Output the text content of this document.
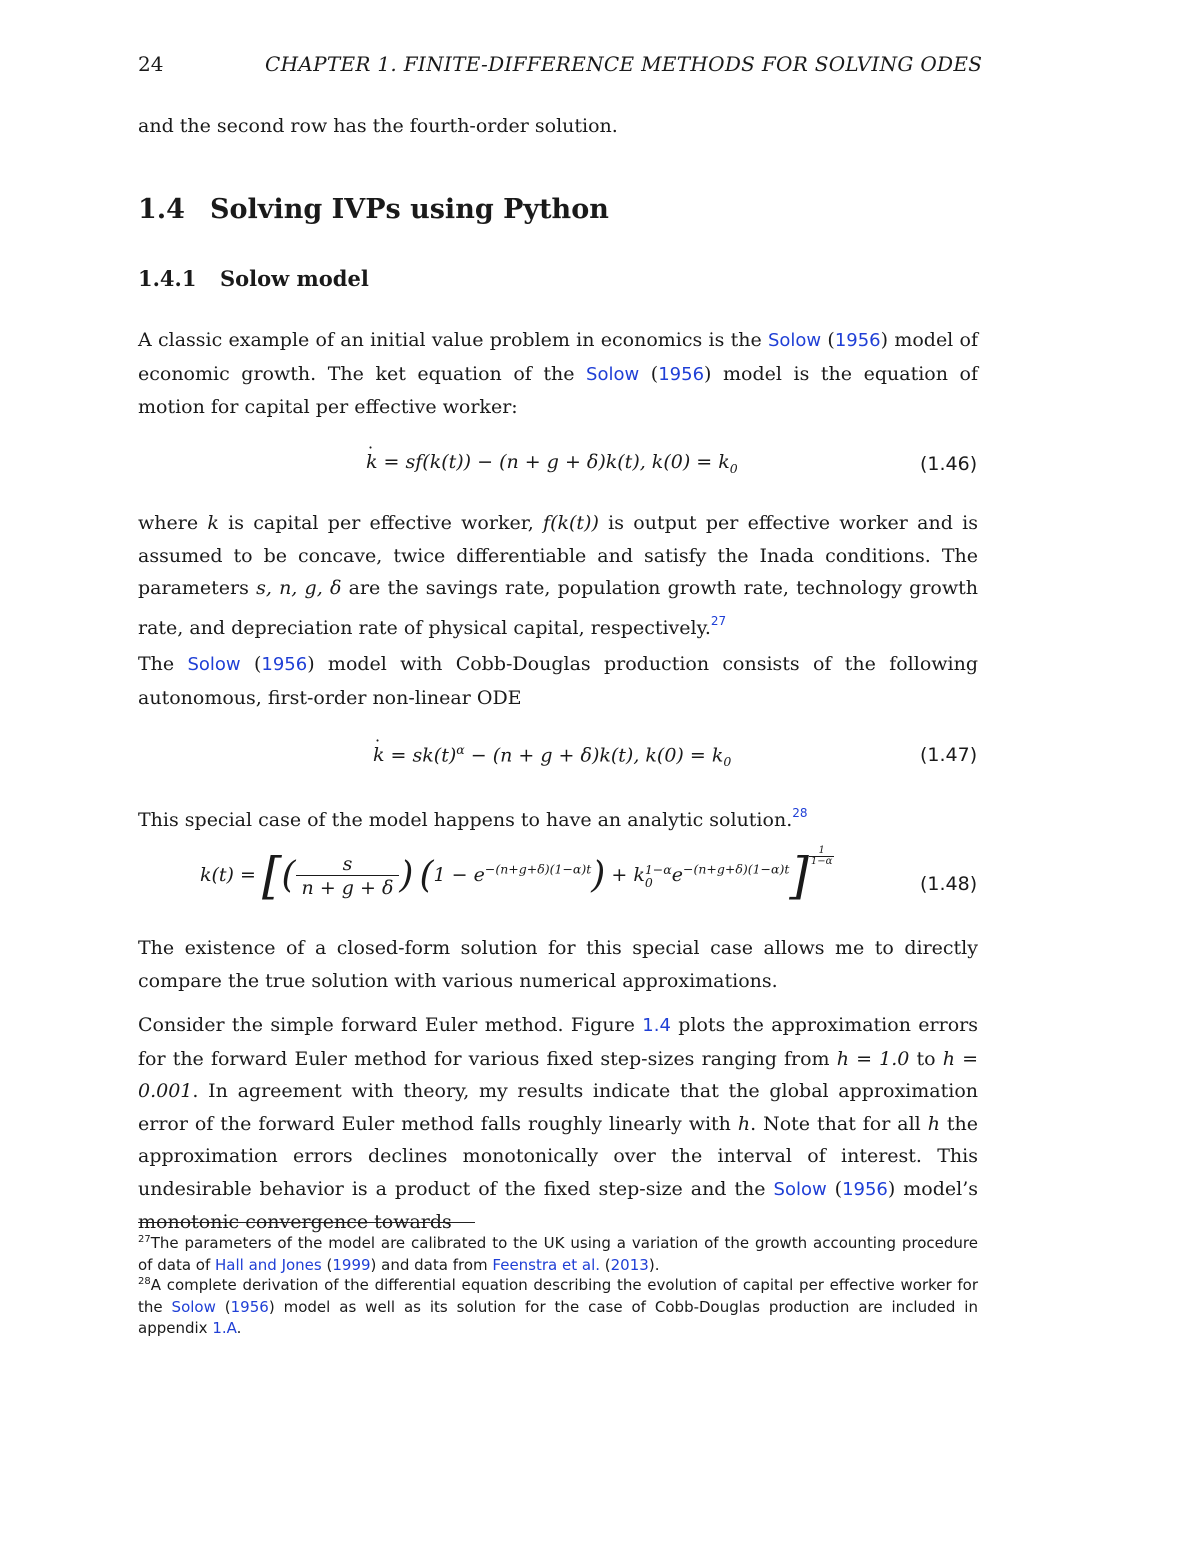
24	CHAPTER 1. FINITE-DIFFERENCE METHODS FOR SOLVING ODES
and the second row has the fourth-order solution.
1.4 Solving IVPs using Python
1.4.1 Solow model
A classic example of an initial value problem in economics is the Solow (1956) model of economic growth. The ket equation of the Solow (1956) model is the equation of motion for capital per effective worker:
· k = sf(k(t)) − (n + g + δ)k(t), $k(0) = k_0$	(1.46)
where k is capital per effective worker, f(k(t)) is output per effective worker and is assumed to be concave, twice differentiable and satisfy the Inada conditions. The parameters s, n, g, δ are the savings rate, population growth rate, technology growth rate, and depreciation rate of physical capital, respectively.$^{27}$
The Solow (1956) model with Cobb-Douglas production consists of the following autonomous, first-order non-linear ODE
· $k = sk(t)^\alpha - (n + g + \delta)k(t)$, $k(0) = k_0$	(1.47)
This special case of the model happens to have an analytic solution.$^{28}$
k(t) = [( $\frac{s}{n + g + \delta}$ ) $(1 - e^{-(n+g+\delta)(1-\alpha)t}) + k$ 1−α
0 $e^{-(n+g+\delta)(1-\alpha)t}] \frac{1}{1-\alpha}$
(1.48)
The existence of a closed-form solution for this special case allows me to directly compare the true solution with various numerical approximations.
Consider the simple forward Euler method. Figure 1.4 plots the approximation errors for the forward Euler method for various fixed step-sizes ranging from h = 1.0 to h = 0.001. In agreement with theory, my results indicate that the global approximation error of the forward Euler method falls roughly linearly with h. Note that for all h the approximation errors declines monotonically over the interval of interest. This undesirable behavior is a product of the fixed step-size and the Solow (1956) model’s monotonic convergence towards
$^{27}$The parameters of the model are calibrated to the UK using a variation of the growth accounting procedure of data of Hall and Jones (1999) and data from Feenstra et al. (2013).
$^{28}$A complete derivation of the differential equation describing the evolution of capital per effective worker for the Solow (1956) model as well as its solution for the case of Cobb-Douglas production are included in appendix 1.A.
